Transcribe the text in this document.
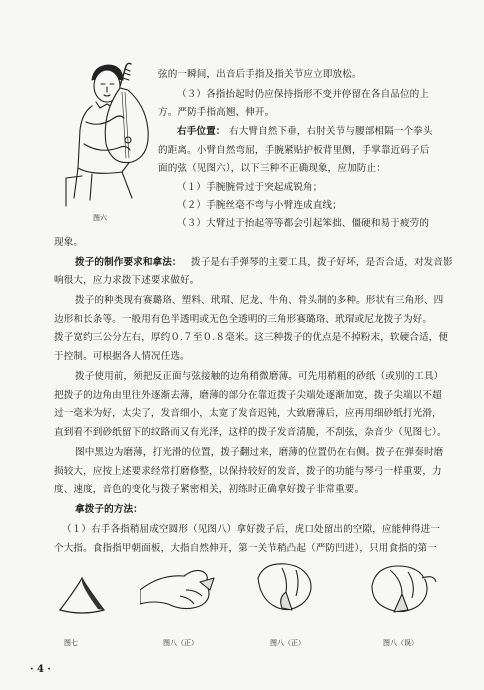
图六
弦的一瞬间，出音后手指及指关节应立即放松。
（３）各指抬起时仍应保持指形不变并停留在各自品位的上
方。严防手指高翘、伸开。
右手位置： 右大臂自然下垂，右肘关节与腰部相隔一个拳头
的距离。小臂自然弯屈，手腕紧贴护板背里侧，手掌靠近码子后
面的弦（见图六），以下三种不正确现象，应加防止：
（１）手腕腕骨过于突起成锐角；
（２）手腕丝毫不弯与小臂连成直线；
（３）大臂过于抬起等等都会引起笨拙、僵硬和易于疲劳的
现象。
拨子的制作要求和拿法： 拨子是右手弹琴的主要工具，拨子好坏，是否合适，对发音影
响很大，应力求拨下述要求做好。
拨子的种类现有赛璐珞、塑料、玳瑁、尼龙、牛角、骨头制的多种。形状有三角形、四
边形和长条等。一般用有色半透明或无色全透明的三角形赛璐珞、玳瑁或尼龙拨子为好。
拨子宽约三公分左右，厚约０.７至０.８毫米。这三种拨子的优点是不掉粉末，软硬合适，便
于控制。可根据各人情况任选。
拨子使用前，须把反正面与弦接触的边角稍微磨薄。可先用稍粗的砂纸（或别的工具）
把拨子的边角由里往外逐渐去薄，磨薄的部分在靠近拨子尖端处逐渐加宽，拨子尖端以不超
过一毫米为好，太尖了，发音细小，太宽了发音迟钝，大致磨薄后，应再用细砂纸打光滑，
直到看不到砂纸留下的纹路而又有光泽，这样的拨子发音清脆，不刮弦，杂音少（见图七）。
图中黑边为磨薄，打光滑的位置，拨子翻过来，磨薄的位置仍在右侧。拨子在弹奏时磨
损较大，应按上述要求经常打磨修整，以保持较好的发音，拨子的功能与琴弓一样重要，力
度、速度，音色的变化与拨子紧密相关，初练时正确拿好拨子非常重要。
拿拨子的方法：
（１）右手各指稍屈成空圆形（见图八）拿好拨子后，虎口处留出的空隙，应能伸得进一
个大指。食指指甲朝面板，大指自然伸开，第一关节稍凸起（严防凹进），只用食指的第一
图七	图八（正）	图八（正）	图八（误）
· 4 ·
